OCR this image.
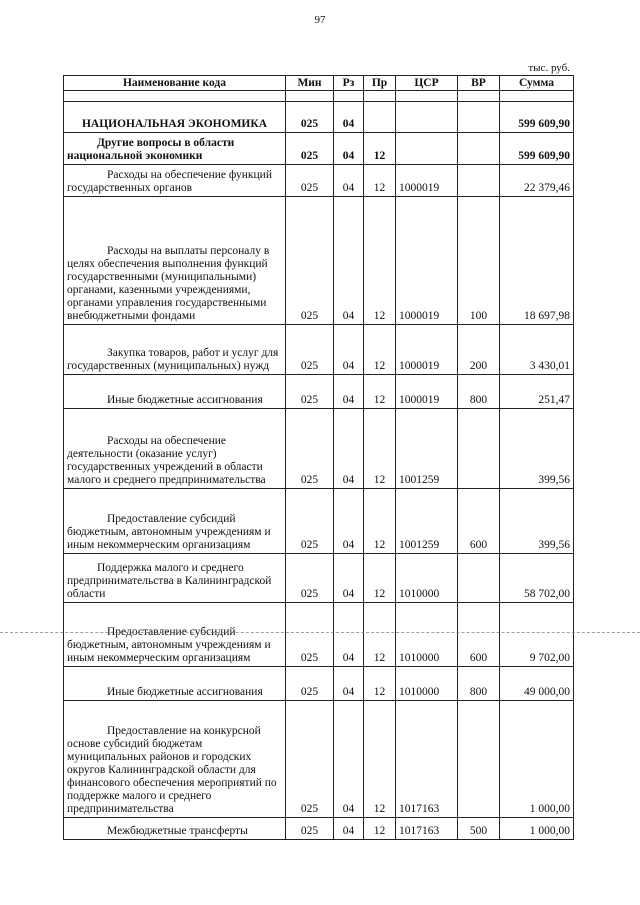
97
тыс. руб.
Наименование кода	Мин	Рз	Пр	ЦСР	ВР	Сумма

НАЦИОНАЛЬНАЯ ЭКОНОМИКА	025	04				599 609,90
Другие вопросы в области национальной экономики	025	04	12			599 609,90
Расходы на обеспечение функций государственных органов	025	04	12	1000019		22 379,46
Расходы на выплаты персоналу в целях обеспечения выполнения функций государственными (муниципальными) органами, казенными учреждениями, органами управления государственными внебюджетными фондами	025	04	12	1000019	100	18 697,98
Закупка товаров, работ и услуг для государственных (муниципальных) нужд	025	04	12	1000019	200	3 430,01
Иные бюджетные ассигнования	025	04	12	1000019	800	251,47
Расходы на обеспечение деятельности (оказание услуг) государственных учреждений в области малого и среднего предпринимательства	025	04	12	1001259		399,56
Предоставление субсидий бюджетным, автономным учреждениям и иным некоммерческим организациям	025	04	12	1001259	600	399,56
Поддержка малого и среднего предпринимательства в Калининградской области	025	04	12	1010000		58 702,00
Предоставление субсидий бюджетным, автономным учреждениям и иным некоммерческим организациям	025	04	12	1010000	600	9 702,00
Иные бюджетные ассигнования	025	04	12	1010000	800	49 000,00
Предоставление на конкурсной основе субсидий бюджетам муниципальных районов и городских округов Калининградской области для финансового обеспечения мероприятий по поддержке малого и среднего предпринимательства	025	04	12	1017163		1 000,00
Межбюджетные трансферты	025	04	12	1017163	500	1 000,00
